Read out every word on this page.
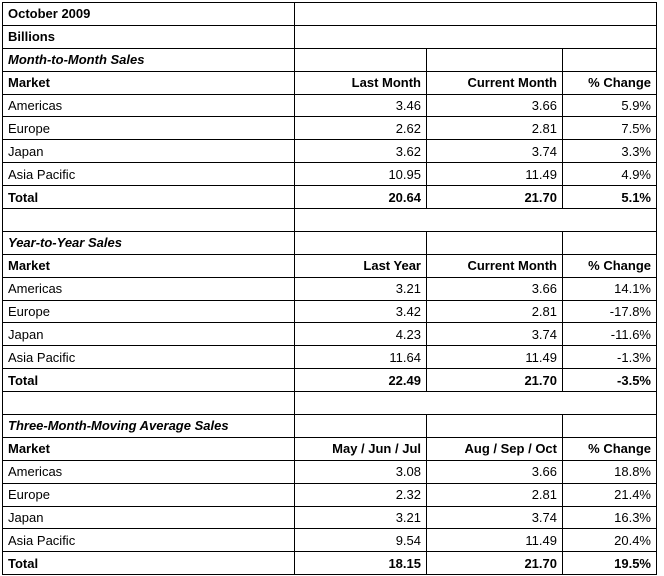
October 2009			
Billions			
Month-to-Month Sales			
Market	Last Month	Current Month	% Change
Americas	3.46	3.66	5.9%
Europe	2.62	2.81	7.5%
Japan	3.62	3.74	3.3%
Asia Pacific	10.95	11.49	4.9%
Total	20.64	21.70	5.1%

Year-to-Year Sales			
Market	Last Year	Current Month	% Change
Americas	3.21	3.66	14.1%
Europe	3.42	2.81	-17.8%
Japan	4.23	3.74	-11.6%
Asia Pacific	11.64	11.49	-1.3%
Total	22.49	21.70	-3.5%

Three-Month-Moving Average Sales			
Market	May / Jun / Jul	Aug / Sep / Oct	% Change
Americas	3.08	3.66	18.8%
Europe	2.32	2.81	21.4%
Japan	3.21	3.74	16.3%
Asia Pacific	9.54	11.49	20.4%
Total	18.15	21.70	19.5%
